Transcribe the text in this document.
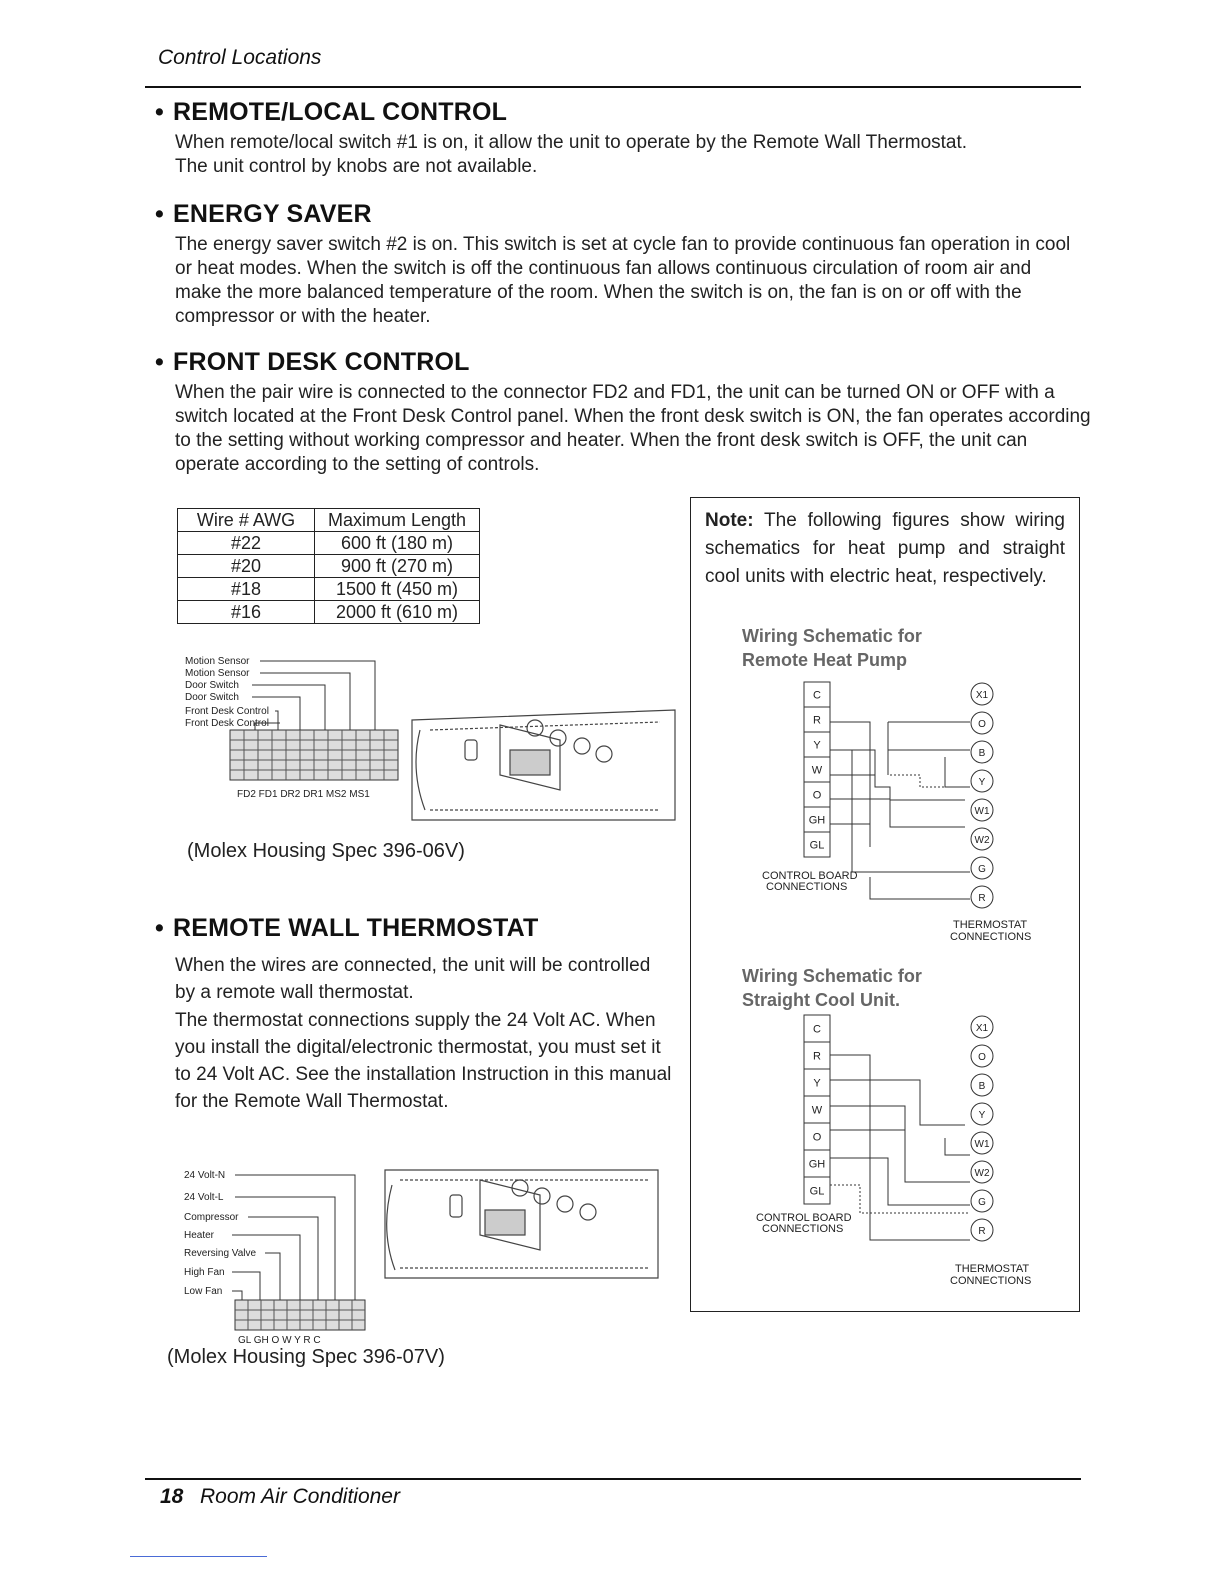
Control Locations
• REMOTE/LOCAL CONTROL

When remote/local switch #1 is on, it allow the unit to operate by the Remote Wall Thermostat.

The unit control by knobs are not available.

• ENERGY SAVER

The energy saver switch #2 is on. This switch is set at cycle fan to provide continuous fan operation in cool

or heat modes. When the switch is off the continuous fan allows continuous circulation of room air and

make the more balanced temperature of the room. When the switch is on, the fan is on or off with the

compressor or with the heater.

• FRONT DESK CONTROL

When the pair wire is connected to the connector FD2 and FD1, the unit can be turned ON or OFF with a

switch located at the Front Desk Control panel. When the front desk switch is ON, the fan operates according

to the setting without working compressor and heater. When the front desk switch is OFF, the unit can

operate according to the setting of controls.

Wire # AWG	Maximum Length
#22	600 ft (180 m)
#20	900 ft (270 m)
#18	1500 ft (450 m)
#16	2000 ft (610 m)
Motion Sensor
Motion Sensor
Door Switch
Door Switch
Front Desk Control
Front Desk Control
FD2 FD1 DR2 DR1 MS2 MS1
(Molex Housing Spec 396-06V)
• REMOTE WALL THERMOSTAT

When the wires are connected, the unit will be controlled

by a remote wall thermostat.

The thermostat connections supply the 24 Volt AC. When

you install the digital/electronic thermostat, you must set it

to 24 Volt AC. See the installation Instruction in this manual

for the Remote Wall Thermostat.

24 Volt-N
24 Volt-L
Compressor
Heater
Reversing Valve
High Fan
Low Fan
GL GH O W Y R C
(Molex Housing Spec 396-07V)
Note: The following figures show wiring schematics for heat pump and straight cool units with electric heat, respectively.
Wiring Schematic for
Remote Heat Pump
C
R
Y
W
O
GH
GL
X1
O
B
Y
W1
W2
G
R
CONTROL BOARD
CONNECTIONS
THERMOSTAT
CONNECTIONS
Wiring Schematic for
Straight Cool Unit.
C
R
Y
W
O
GH
GL
X1
O
B
Y
W1
W2
G
R
CONTROL BOARD
CONNECTIONS
THERMOSTAT
CONNECTIONS
18 Room Air Conditioner
